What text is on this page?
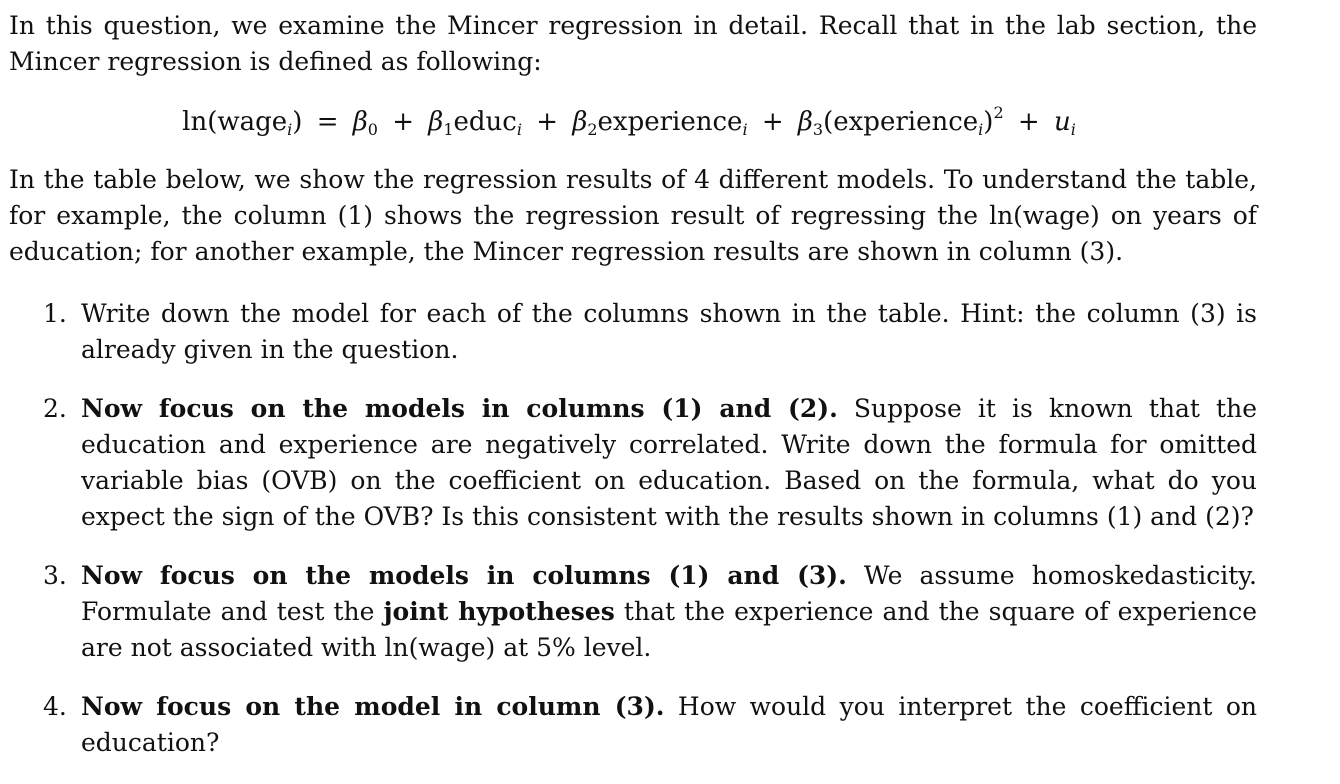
In this question, we examine the Mincer regression in detail. Recall that in the lab section, the Mincer regression is defined as following:

ln(wage$_i$) = $\beta_0$ + $\beta_1educ_i$ + $\beta_2experience_i$ + $\beta_3(experience_i)^2 + u_i$

In the table below, we show the regression results of 4 different models. To understand the table, for example, the column (1) shows the regression result of regressing the ln(wage) on years of education; for another example, the Mincer regression results are shown in column (3).

1. Write down the model for each of the columns shown in the table. Hint: the column (3) is already given in the question.
2. Now focus on the models in columns (1) and (2). Suppose it is known that the education and experience are negatively correlated. Write down the formula for omitted variable bias (OVB) on the coefficient on education. Based on the formula, what do you expect the sign of the OVB? Is this consistent with the results shown in columns (1) and (2)?
3. Now focus on the models in columns (1) and (3). We assume homoskedasticity. Formulate and test the joint hypotheses that the experience and the square of experience are not associated with ln(wage) at 5% level.
4. Now focus on the model in column (3). How would you interpret the coefficient on education?
